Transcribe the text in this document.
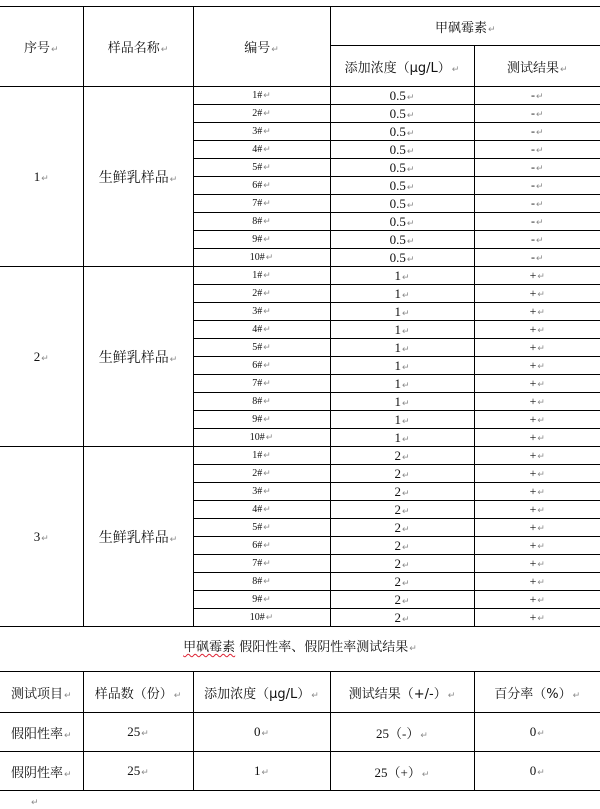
序号↵	样品名称↵	编号↵	甲砜霉素↵	
			添加浓度（μg/L）↵	测试结果↵
1↵	生鲜乳样品↵	1#↵	0.5↵	-↵
		2#↵	0.5↵	-↵
		3#↵	0.5↵	-↵
		4#↵	0.5↵	-↵
		5#↵	0.5↵	-↵
		6#↵	0.5↵	-↵
		7#↵	0.5↵	-↵
		8#↵	0.5↵	-↵
		9#↵	0.5↵	-↵
		10#↵	0.5↵	-↵
2↵	生鲜乳样品↵	1#↵	1↵	+↵
		2#↵	1↵	+↵
		3#↵	1↵	+↵
		4#↵	1↵	+↵
		5#↵	1↵	+↵
		6#↵	1↵	+↵
		7#↵	1↵	+↵
		8#↵	1↵	+↵
		9#↵	1↵	+↵
		10#↵	1↵	+↵
3↵	生鲜乳样品↵	1#↵	2↵	+↵
		2#↵	2↵	+↵
		3#↵	2↵	+↵
		4#↵	2↵	+↵
		5#↵	2↵	+↵
		6#↵	2↵	+↵
		7#↵	2↵	+↵
		8#↵	2↵	+↵
		9#↵	2↵	+↵
		10#↵	2↵	+↵
甲砜霉素 假阳性率、假阴性率测试结果↵
测试项目↵	样品数（份）↵	添加浓度（μg/L）↵	测试结果（+/-）↵	百分率（%）↵
假阳性率↵	25↵	0↵	25（-）↵	0↵
假阴性率↵	25↵	1↵	25（+）↵	0↵
↵
